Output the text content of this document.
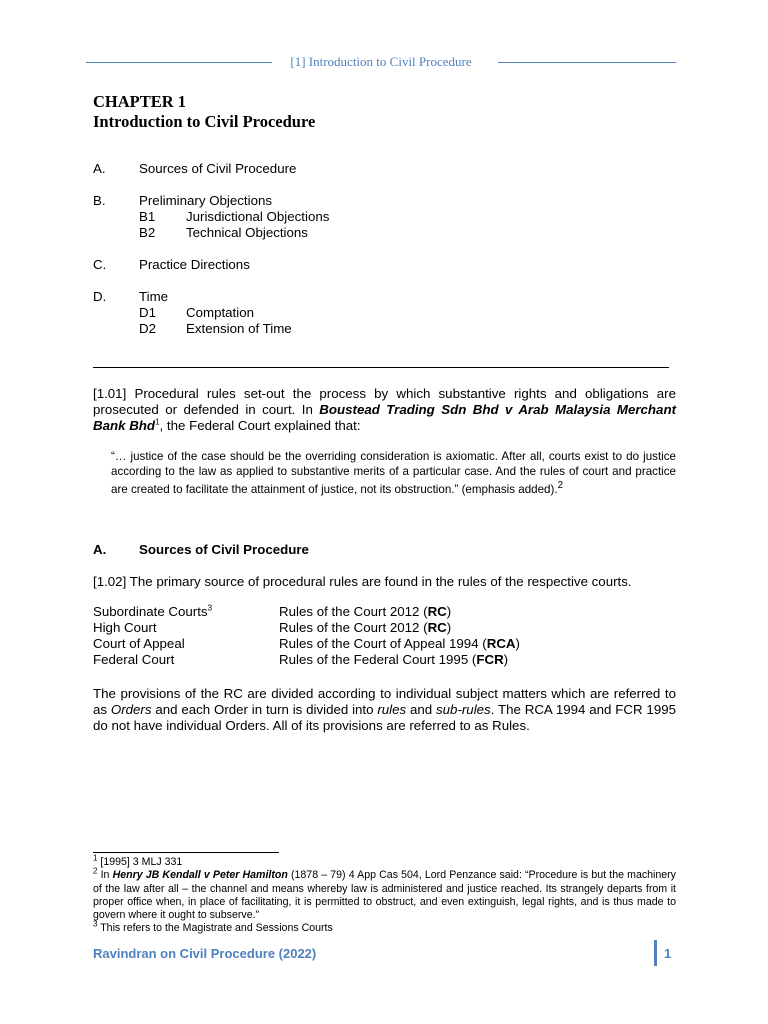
[1] Introduction to Civil Procedure
CHAPTER 1
Introduction to Civil Procedure
A.	Sources of Civil Procedure
B.	Preliminary Objections
B1 Jurisdictional Objections
B2 Technical Objections
C. Practice Directions
D. Time
D1 Comptation
D2 Extension of Time
[1.01] Procedural rules set-out the process by which substantive rights and obligations are prosecuted or defended in court. In Boustead Trading Sdn Bhd v Arab Malaysia Merchant Bank Bhd$^1$, the Federal Court explained that:
“… justice of the case should be the overriding consideration is axiomatic. After all, courts exist to do justice according to the law as applied to substantive merits of a particular case. And the rules of court and practice are created to facilitate the attainment of justice, not its obstruction.” (emphasis added).$^2$
A. Sources of Civil Procedure
[1.02] The primary source of procedural rules are found in the rules of the respective courts.
Subordinate Courts$^3$	Rules of the Court 2012 (RC)
High Court	Rules of the Court 2012 (RC)
Court of Appeal	Rules of the Court of Appeal 1994 (RCA)
Federal Court	Rules of the Federal Court 1995 (FCR)
The provisions of the RC are divided according to individual subject matters which are referred to as Orders and each Order in turn is divided into rules and sub-rules. The RCA 1994 and FCR 1995 do not have individual Orders. All of its provisions are referred to as Rules.
$^1$ [1995] 3 MLJ 331
$^2$ In Henry JB Kendall v Peter Hamilton (1878 – 79) 4 App Cas 504, Lord Penzance said: “Procedure is but the machinery of the law after all – the channel and means whereby law is administered and justice reached. Its strangely departs from it proper office when, in place of facilitating, it is permitted to obstruct, and even extinguish, legal rights, and is thus made to govern where it ought to subserve.”
$^3$ This refers to the Magistrate and Sessions Courts
Ravindran on Civil Procedure (2022)	1
